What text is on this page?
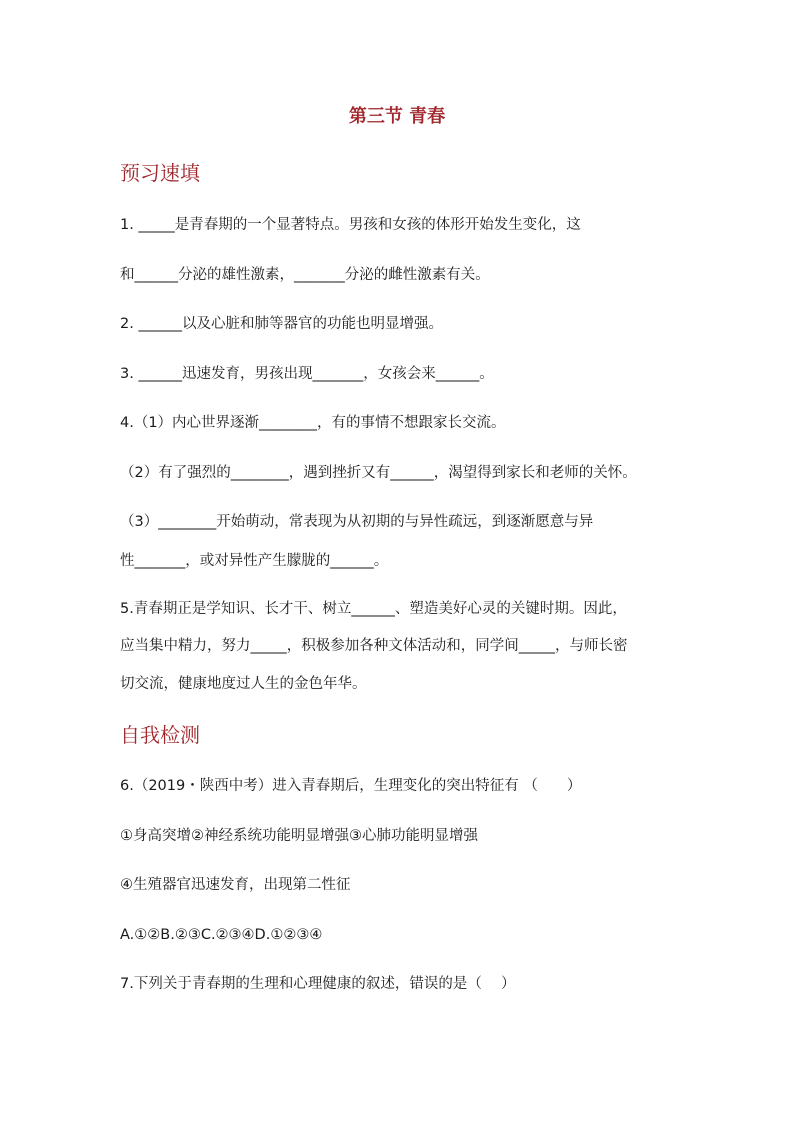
第三节 青春
预习速填
1. _____是青春期的一个显著特点。男孩和女孩的体形开始发生变化，这
和______分泌的雄性激素，_______分泌的雌性激素有关。
2. ______以及心脏和肺等器官的功能也明显增强。
3. ______迅速发育，男孩出现_______，女孩会来______。
4.（1）内心世界逐渐________，有的事情不想跟家长交流。
（2）有了强烈的________，遇到挫折又有______，渴望得到家长和老师的关怀。
（3）________开始萌动，常表现为从初期的与异性疏远，到逐渐愿意与异
性_______，或对异性产生朦胧的______。
5.青春期正是学知识、长才干、树立______、塑造美好心灵的关键时期。因此，
应当集中精力，努力_____，积极参加各种文体活动和，同学间_____，与师长密
切交流，健康地度过人生的金色年华。
自我检测
6.（2019・陕西中考）进入青春期后，生理变化的突出特征有 （　　）
①身高突增②神经系统功能明显增强③心肺功能明显增强
④生殖器官迅速发育，出现第二性征
A.①②B.②③C.②③④D.①②③④
7.下列关于青春期的生理和心理健康的叙述，错误的是（　 ）
